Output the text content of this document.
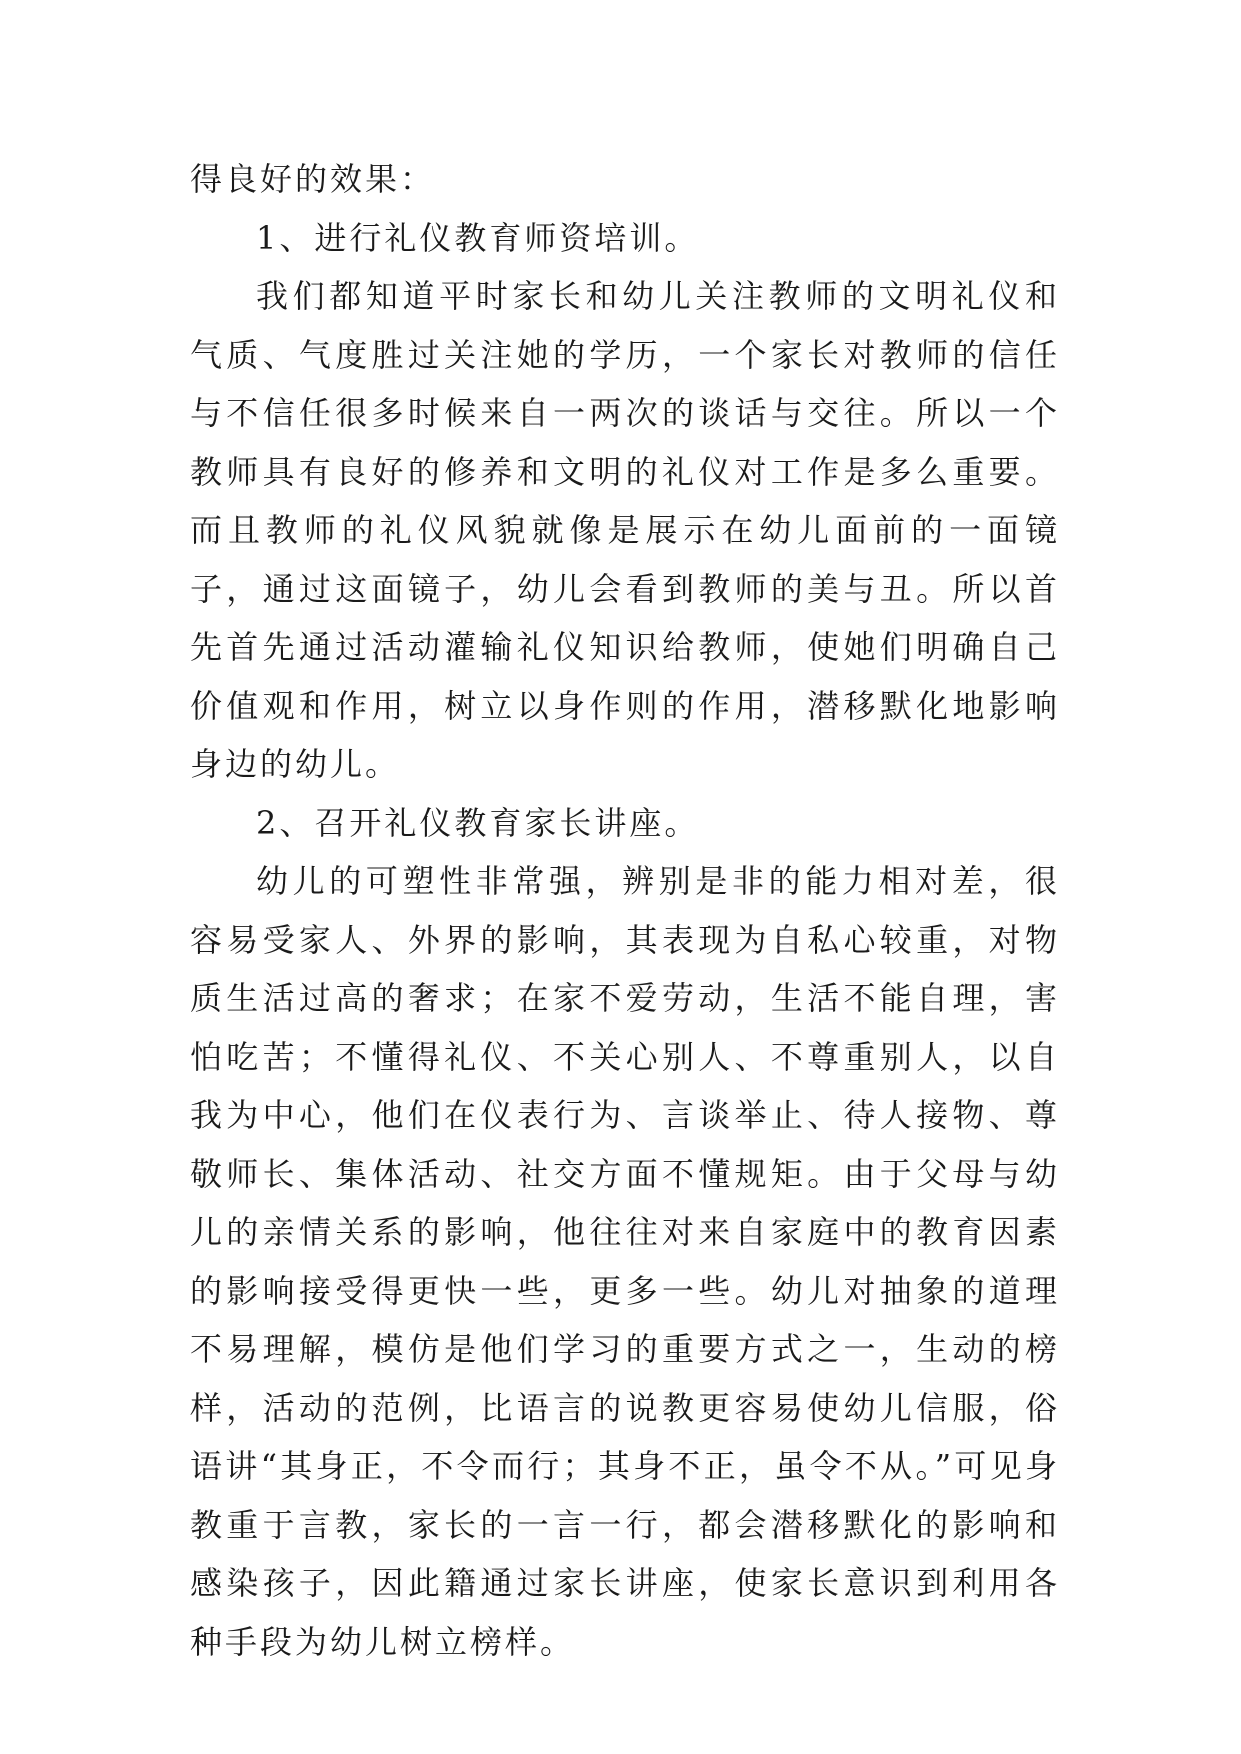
得良好的效果：

1、进行礼仪教育师资培训。

我们都知道平时家长和幼儿关注教师的文明礼仪和气质、气度胜过关注她的学历，一个家长对教师的信任与不信任很多时候来自一两次的谈话与交往。所以一个教师具有良好的修养和文明的礼仪对工作是多么重要。而且教师的礼仪风貌就像是展示在幼儿面前的一面镜子，通过这面镜子，幼儿会看到教师的美与丑。所以首先首先通过活动灌输礼仪知识给教师，使她们明确自己价值观和作用，树立以身作则的作用，潜移默化地影响身边的幼儿。

2、召开礼仪教育家长讲座。

幼儿的可塑性非常强，辨别是非的能力相对差，很容易受家人、外界的影响，其表现为自私心较重，对物质生活过高的奢求；在家不爱劳动，生活不能自理，害怕吃苦；不懂得礼仪、不关心别人、不尊重别人，以自我为中心，他们在仪表行为、言谈举止、待人接物、尊敬师长、集体活动、社交方面不懂规矩。由于父母与幼儿的亲情关系的影响，他往往对来自家庭中的教育因素的影响接受得更快一些，更多一些。幼儿对抽象的道理不易理解，模仿是他们学习的重要方式之一，生动的榜样，活动的范例，比语言的说教更容易使幼儿信服，俗语讲“其身正，不令而行；其身不正，虽令不从。”可见身教重于言教，家长的一言一行，都会潜移默化的影响和感染孩子，因此籍通过家长讲座，使家长意识到利用各种手段为幼儿树立榜样。
